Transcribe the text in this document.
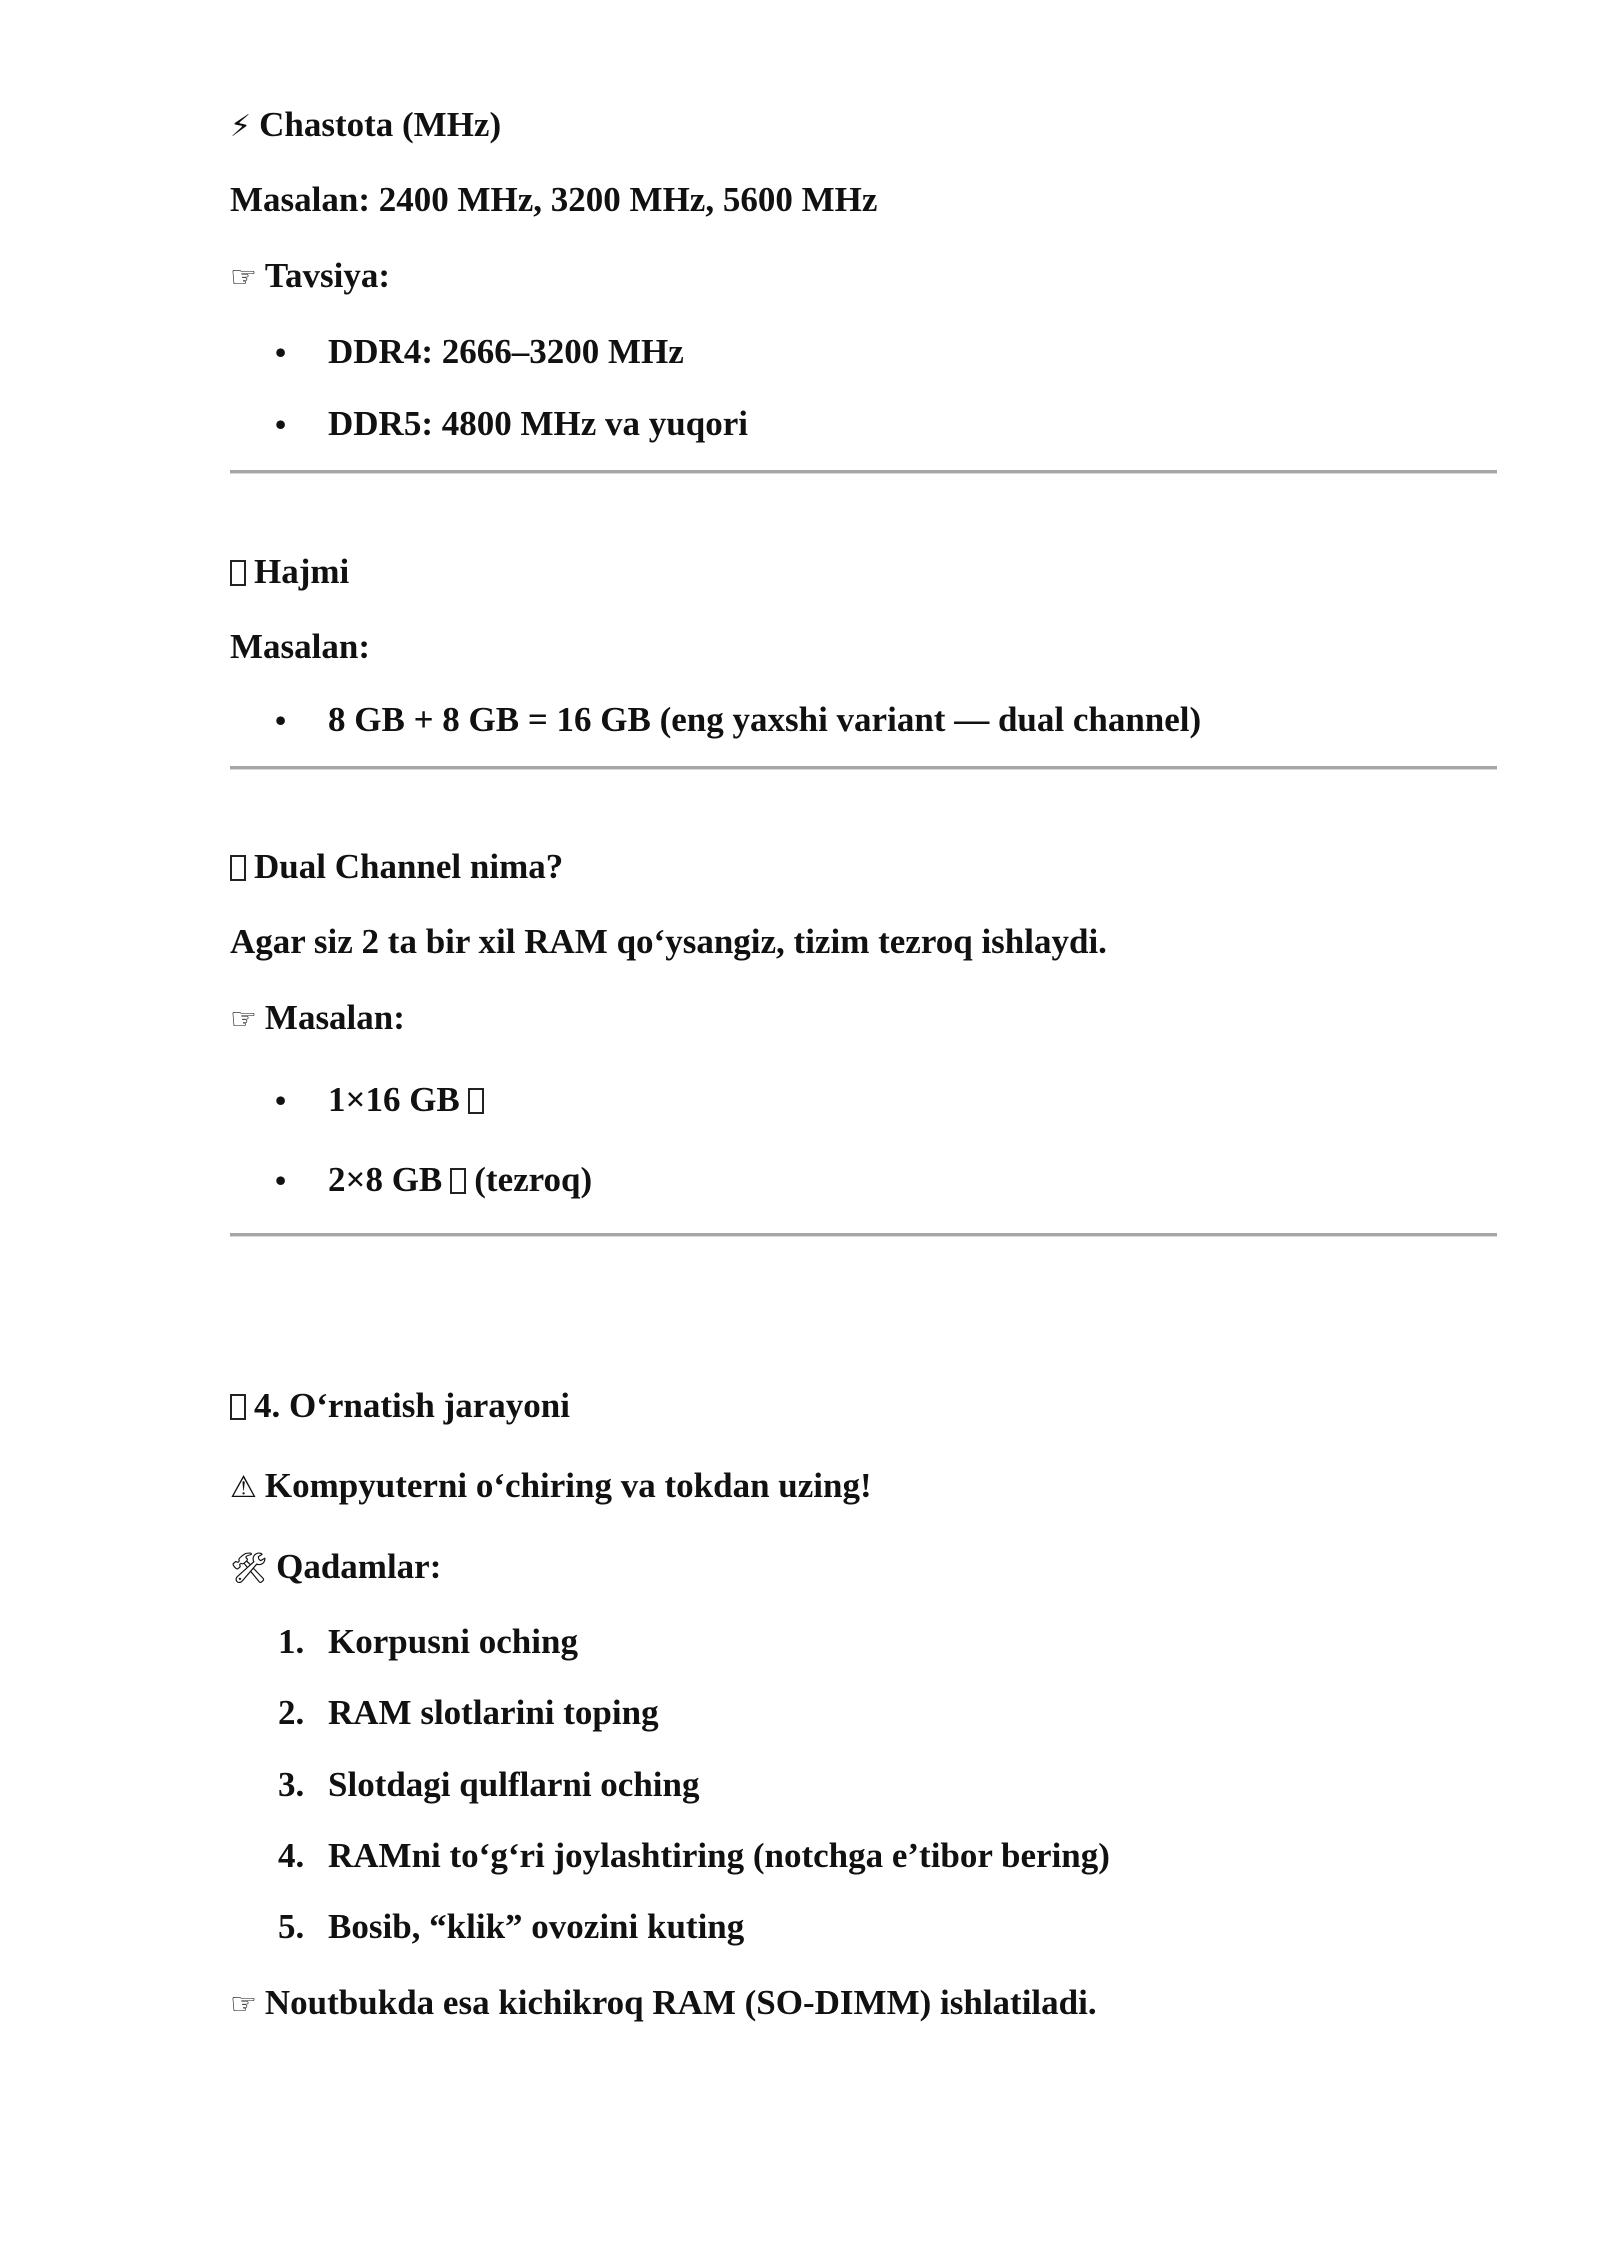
⚡ Chastota (MHz)

Masalan: 2400 MHz, 3200 MHz, 5600 MHz

☞ Tavsiya:

•	DDR4: 2666–3200 MHz
•	DDR5: 4800 MHz va yuqori

Hajmi

Masalan:

•	8 GB + 8 GB = 16 GB (eng yaxshi variant — dual channel)

Dual Channel nima?

Agar siz 2 ta bir xil RAM qo‘ysangiz, tizim tezroq ishlaydi.

☞ Masalan:

•	1×16 GB
•	2×8 GB (tezroq)

4. O‘rnatish jarayoni

⚠ Kompyuterni o‘chiring va tokdan uzing!

🛠 Qadamlar:

1. Korpusni oching
2. RAM slotlarini toping
3. Slotdagi qulflarni oching
4. RAMni to‘g‘ri joylashtiring (notchga e’tibor bering)
5. Bosib, “klik” ovozini kuting

☞ Noutbukda esa kichikroq RAM (SO-DIMM) ishlatiladi.
